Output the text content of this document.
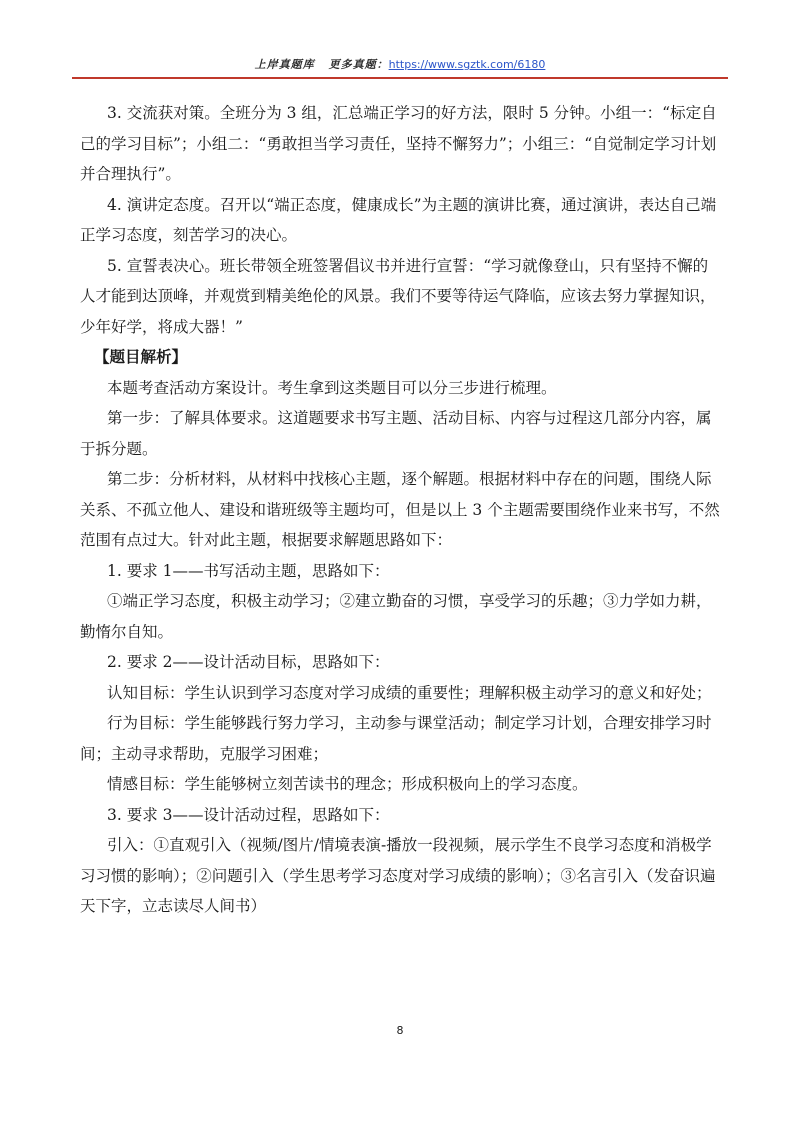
上岸真题库 更多真题：https://www.sgztk.com/6180

3. 交流获对策。全班分为 3 组，汇总端正学习的好方法，限时 5 分钟。小组一：“标定自己的学习目标”；小组二：“勇敢担当学习责任，坚持不懈努力”；小组三：“自觉制定学习计划并合理执行”。

4. 演讲定态度。召开以“端正态度，健康成长”为主题的演讲比赛，通过演讲，表达自己端正学习态度，刻苦学习的决心。

5. 宣誓表决心。班长带领全班签署倡议书并进行宣誓：“学习就像登山，只有坚持不懈的人才能到达顶峰，并观赏到精美绝伦的风景。我们不要等待运气降临，应该去努力掌握知识，少年好学，将成大器！”

【题目解析】

本题考查活动方案设计。考生拿到这类题目可以分三步进行梳理。

第一步：了解具体要求。这道题要求书写主题、活动目标、内容与过程这几部分内容，属于拆分题。

第二步：分析材料，从材料中找核心主题，逐个解题。根据材料中存在的问题，围绕人际关系、不孤立他人、建设和谐班级等主题均可，但是以上 3 个主题需要围绕作业来书写，不然范围有点过大。针对此主题，根据要求解题思路如下：

1. 要求 1——书写活动主题，思路如下：

①端正学习态度，积极主动学习；②建立勤奋的习惯，享受学习的乐趣；③力学如力耕，勤惰尔自知。

2. 要求 2——设计活动目标，思路如下：

认知目标：学生认识到学习态度对学习成绩的重要性；理解积极主动学习的意义和好处；

行为目标：学生能够践行努力学习，主动参与课堂活动；制定学习计划，合理安排学习时间；主动寻求帮助，克服学习困难；

情感目标：学生能够树立刻苦读书的理念；形成积极向上的学习态度。

3. 要求 3——设计活动过程，思路如下：

引入：①直观引入（视频/图片/情境表演-播放一段视频，展示学生不良学习态度和消极学习习惯的影响）；②问题引入（学生思考学习态度对学习成绩的影响）；③名言引入（发奋识遍天下字，立志读尽人间书）

8
